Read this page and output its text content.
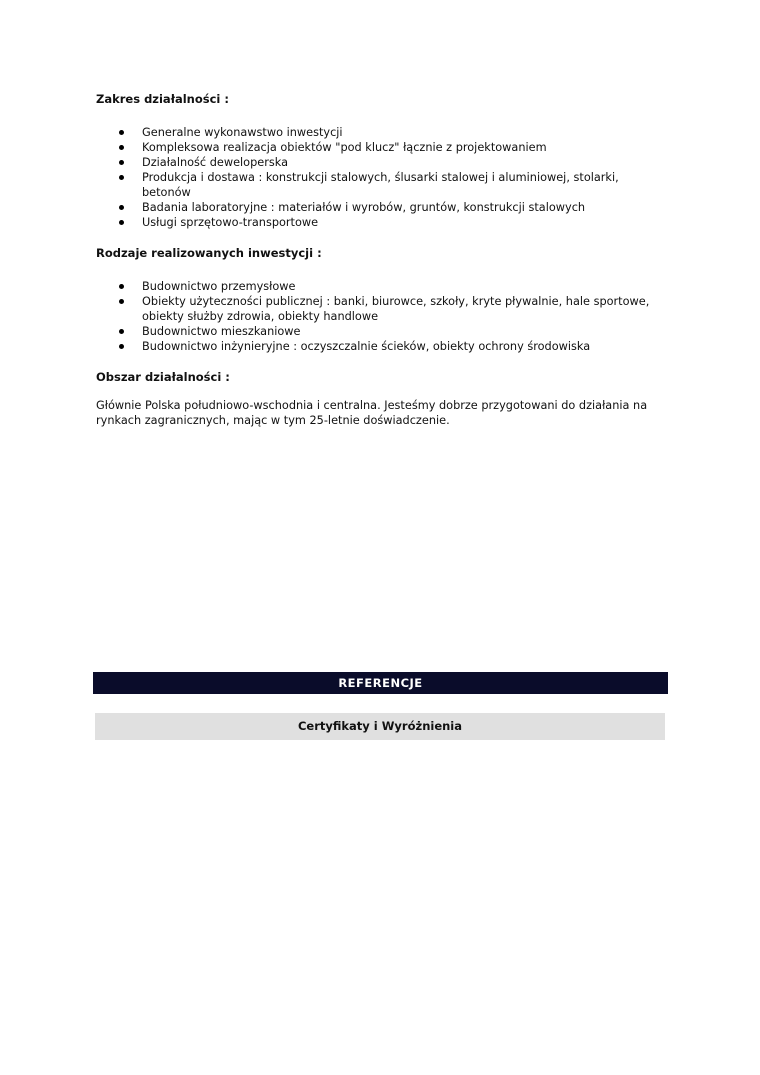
Zakres działalności :

Generalne wykonawstwo inwestycji
Kompleksowa realizacja obiektów "pod klucz" łącznie z projektowaniem
Działalność deweloperska
Produkcja i dostawa : konstrukcji stalowych, ślusarki stalowej i aluminiowej, stolarki, betonów
Badania laboratoryjne : materiałów i wyrobów, gruntów, konstrukcji stalowych
Usługi sprzętowo-transportowe

Rodzaje realizowanych inwestycji :

Budownictwo przemysłowe
Obiekty użyteczności publicznej : banki, biurowce, szkoły, kryte pływalnie, hale sportowe, obiekty służby zdrowia, obiekty handlowe
Budownictwo mieszkaniowe
Budownictwo inżynieryjne : oczyszczalnie ścieków, obiekty ochrony środowiska

Obszar działalności :

Głównie Polska południowo-wschodnia i centralna. Jesteśmy dobrze przygotowani do działania na rynkach zagranicznych, mając w tym 25-letnie doświadczenie.

REFERENCJE
Certyfikaty i Wyróżnienia
